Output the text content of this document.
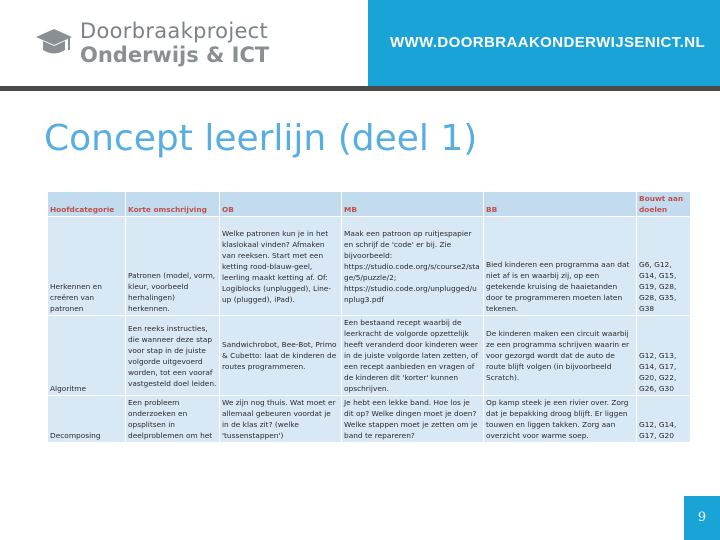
Doorbraakproject
Onderwijs & ICT
WWW.DOORBRAAKONDERWIJSENICT.NL
Concept leerlijn (deel 1)
Hoofdcategorie	Korte omschrijving	OB	MB	BB	Bouwt aan doelen
Herkennen en creëren van patronen	Patronen (model, vorm, kleur, voorbeeld herhalingen) herkennen.	Welke patronen kun je in het klaslokaal vinden? Afmaken van reeksen. Start met een ketting rood-blauw-geel, leerling maakt ketting af. Of: Logiblocks (unplugged), Line-up (plugged), iPad).	Maak een patroon op ruitjespapier en schrijf de 'code' er bij. Zie bijvoorbeeld: https://studio.code.org/s/course2/stage/5/puzzle/2; https://studio.code.org/unplugged/unplug3.pdf	Bied kinderen een programma aan dat niet af is en waarbij zij, op een getekende kruising de haaietanden door te programmeren moeten laten tekenen.	G6, G12, G14, G15, G19, G28, G28, G35, G38
Algoritme	Een reeks instructies, die wanneer deze stap voor stap in de juiste volgorde uitgevoerd worden, tot een vooraf vastgesteld doel leiden.	Sandwichrobot, Bee-Bot, Primo & Cubetto: laat de kinderen de routes programmeren.	Een bestaand recept waarbij de leerkracht de volgorde opzettelijk heeft veranderd door kinderen weer in de juiste volgorde laten zetten, of een recept aanbieden en vragen of de kinderen dit 'korter' kunnen opschrijven.	De kinderen maken een circuit waarbij ze een programma schrijven waarin er voor gezorgd wordt dat de auto de route blijft volgen (in bijvoorbeeld Scratch).	G12, G13, G14, G17, G20, G22, G26, G30
Decomposing	Een probleem onderzoeken en opsplitsen in deelproblemen om het	We zijn nog thuis. Wat moet er allemaal gebeuren voordat je in de klas zit? (welke 'tussenstappen')	Je hebt een lekke band. Hoe los je dit op? Welke dingen moet je doen? Welke stappen moet je zetten om je band te repareren?	Op kamp steek je een rivier over. Zorg dat je bepakking droog blijft. Er liggen touwen en liggen takken. Zorg aan overzicht voor warme soep.	G12, G14, G17, G20
9
